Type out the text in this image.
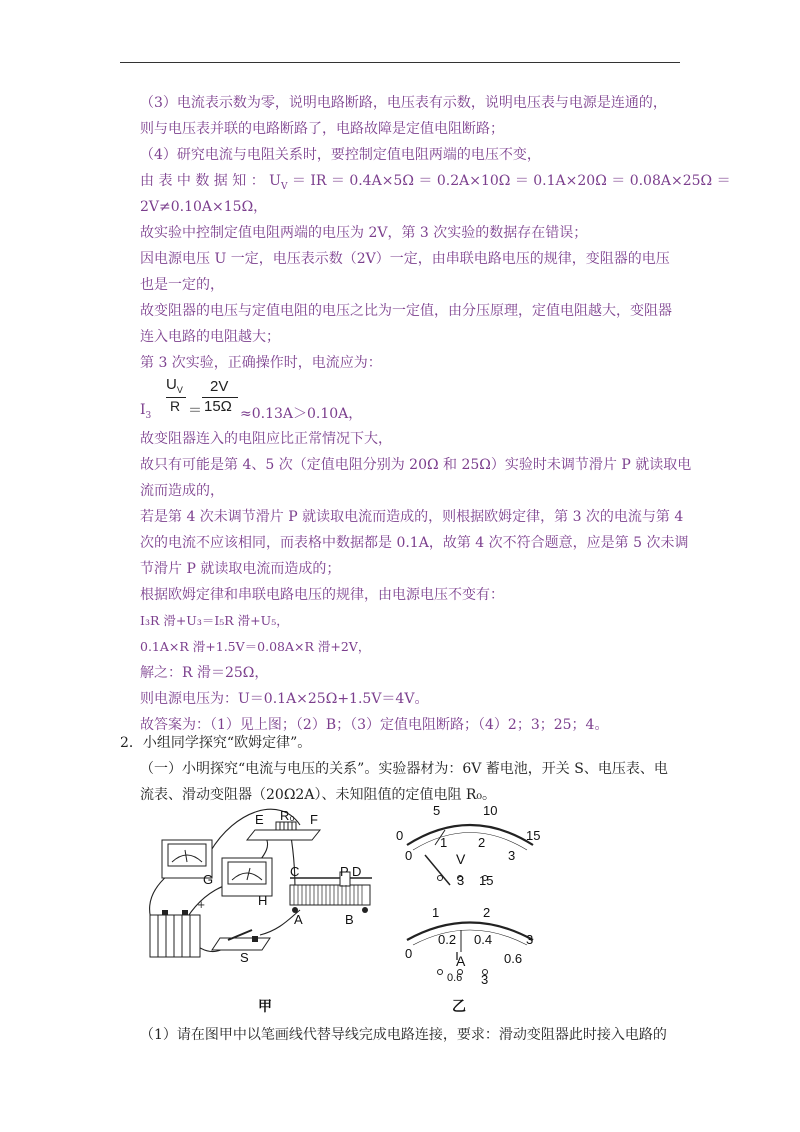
（3）电流表示数为零，说明电路断路，电压表有示数，说明电压表与电源是连通的，
则与电压表并联的电路断路了，电路故障是定值电阻断路；
（4）研究电流与电阻关系时，要控制定值电阻两端的电压不变，
由 表 中 数 据 知 ： $U_V$ ＝ IR ＝ 0.4A×5Ω ＝ 0.2A×10Ω ＝ 0.1A×20Ω ＝ 0.08A×25Ω ＝
2V≠0.10A×15Ω，
故实验中控制定值电阻两端的电压为 2V，第 3 次实验的数据存在错误；
因电源电压 U 一定，电压表示数（2V）一定，由串联电路电压的规律，变阻器的电压
也是一定的，
故变阻器的电压与定值电阻的电压之比为一定值，由分压原理，定值电阻越大，变阻器
连入电路的电阻越大；
第 3 次实验，正确操作时，电流应为：
$U_V$ 2V
$I_3$
R ＝ 15Ω ≈0.13A＞0.10A，
故变阻器连入的电阻应比正常情况下大，
故只有可能是第 4、5 次（定值电阻分别为 20Ω 和 25Ω）实验时未调节滑片 P 就读取电
流而造成的，
若是第 4 次未调节滑片 P 就读取电流而造成的，则根据欧姆定律，第 3 次的电流与第 4
次的电流不应该相同，而表格中数据都是 0.1A，故第 4 次不符合题意，应是第 5 次未调
节滑片 P 就读取电流而造成的；
根据欧姆定律和串联电路电压的规律，由电源电压不变有：
I₃R 滑+U₃＝I₅R 滑+U₅，
0.1A×R 滑+1.5V＝0.08A×R 滑+2V，
解之：R 滑＝25Ω，
则电源电压为：U＝0.1A×25Ω+1.5V＝4V。
故答案为：（1）见上图；（2）B；（3）定值电阻断路；（4）2；3；25；4。
2．小组同学探究“欧姆定律”。
（一）小明探究“电流与电压的关系”。实验器材为：6V 蓄电池，开关 S、电压表、电
流表、滑动变阻器（20Ω2A）、未知阻值的定值电阻 R₀。
+
E R₀ F
G
H
C	P D
A	B
S
甲
0
5	10
15
0
1 2
3
V
3 15
1	2
3
0
0.2 0.4
0.6
A
0.6 3
乙
（1）请在图甲中以笔画线代替导线完成电路连接，要求：滑动变阻器此时接入电路的
